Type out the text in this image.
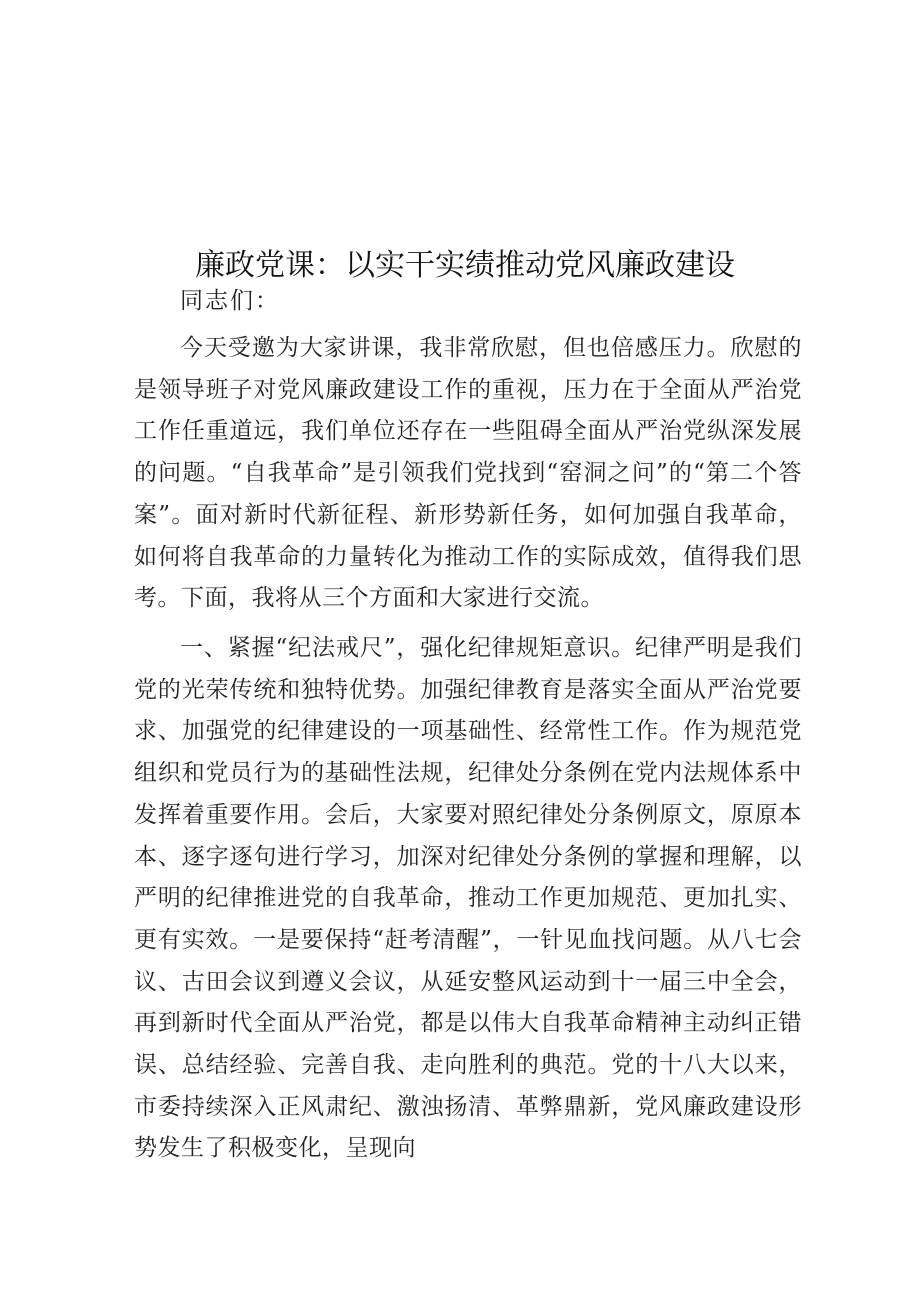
廉政党课：以实干实绩推动党风廉政建设
同志们：

今天受邀为大家讲课，我非常欣慰，但也倍感压力。欣慰的是领导班子对党风廉政建设工作的重视，压力在于全面从严治党工作任重道远，我们单位还存在一些阻碍全面从严治党纵深发展的问题。“自我革命”是引领我们党找到“窑洞之问”的“第二个答案”。面对新时代新征程、新形势新任务，如何加强自我革命，如何将自我革命的力量转化为推动工作的实际成效，值得我们思考。下面，我将从三个方面和大家进行交流。

一、紧握“纪法戒尺”，强化纪律规矩意识。纪律严明是我们党的光荣传统和独特优势。加强纪律教育是落实全面从严治党要求、加强党的纪律建设的一项基础性、经常性工作。作为规范党组织和党员行为的基础性法规，纪律处分条例在党内法规体系中发挥着重要作用。会后，大家要对照纪律处分条例原文，原原本本、逐字逐句进行学习，加深对纪律处分条例的掌握和理解，以严明的纪律推进党的自我革命，推动工作更加规范、更加扎实、更有实效。一是要保持“赶考清醒”，一针见血找问题。从八七会议、古田会议到遵义会议，从延安整风运动到十一届三中全会，再到新时代全面从严治党，都是以伟大自我革命精神主动纠正错误、总结经验、完善自我、走向胜利的典范。党的十八大以来，市委持续深入正风肃纪、激浊扬清、革弊鼎新，党风廉政建设形势发生了积极变化，呈现向
